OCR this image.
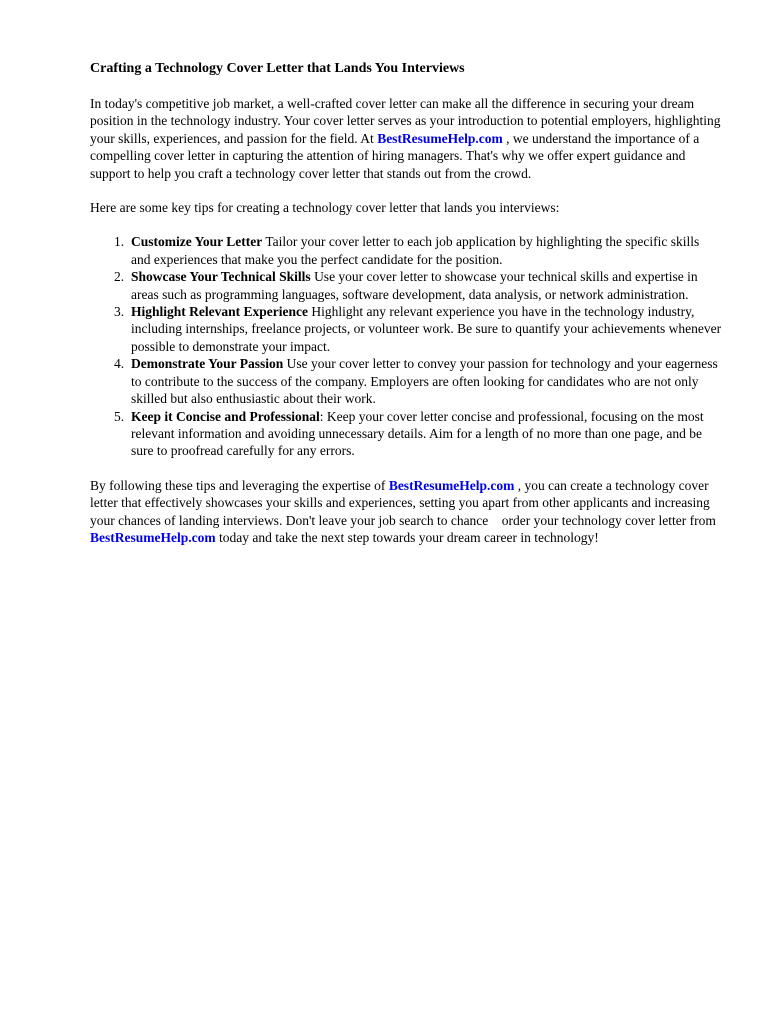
Crafting a Technology Cover Letter that Lands You Interviews

In today's competitive job market, a well-crafted cover letter can make all the difference in securing your dream position in the technology industry. Your cover letter serves as your introduction to potential employers, highlighting your skills, experiences, and passion for the field. At BestResumeHelp.com , we understand the importance of a compelling cover letter in capturing the attention of hiring managers. That's why we offer expert guidance and support to help you craft a technology cover letter that stands out from the crowd.

Here are some key tips for creating a technology cover letter that lands you interviews:

1. Customize Your Letter Tailor your cover letter to each job application by highlighting the specific skills and experiences that make you the perfect candidate for the position.
2. Showcase Your Technical Skills Use your cover letter to showcase your technical skills and expertise in areas such as programming languages, software development, data analysis, or network administration.
3. Highlight Relevant Experience Highlight any relevant experience you have in the technology industry, including internships, freelance projects, or volunteer work. Be sure to quantify your achievements whenever possible to demonstrate your impact.
4. Demonstrate Your Passion Use your cover letter to convey your passion for technology and your eagerness to contribute to the success of the company. Employers are often looking for candidates who are not only skilled but also enthusiastic about their work.
5. Keep it Concise and Professional: Keep your cover letter concise and professional, focusing on the most relevant information and avoiding unnecessary details. Aim for a length of no more than one page, and be sure to proofread carefully for any errors.

By following these tips and leveraging the expertise of BestResumeHelp.com , you can create a technology cover letter that effectively showcases your skills and experiences, setting you apart from other applicants and increasing your chances of landing interviews. Don't leave your job search to chance    order your technology cover letter from BestResumeHelp.com today and take the next step towards your dream career in technology!
